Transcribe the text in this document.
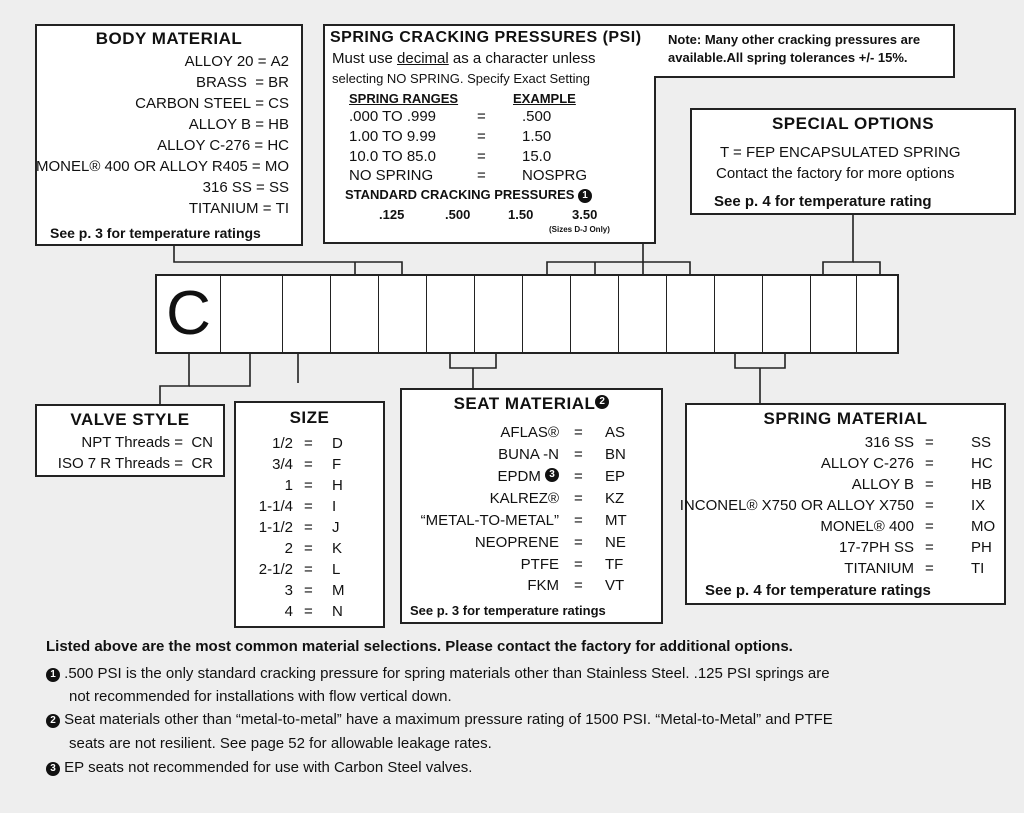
BODY MATERIAL
ALLOY 20 = A2
BRASS  = BR
CARBON STEEL = CS
ALLOY B = HB
ALLOY C-276 = HC
MONEL® 400 OR ALLOY R405 = MO
316 SS = SS
TITANIUM = TI
See p. 3 for temperature ratings
SPRING CRACKING PRESSURES (PSI)
Must use decimal as a character unless
selecting NO SPRING. Specify Exact Setting
SPRING RANGES	EXAMPLE
.000 TO .999	= .500
1.00 TO 9.99	= 1.50
10.0 TO 85.0	= 15.0
NO SPRING	= NOSPRG
STANDARD CRACKING PRESSURES 1
.125	.500	1.50	3.50
(Sizes D-J Only)
Note: Many other cracking pressures are
available.All spring tolerances +/- 15%.
SPECIAL OPTIONS
T = FEP ENCAPSULATED SPRING
Contact the factory for more options
See p. 4 for temperature rating
C
VALVE STYLE
NPT Threads =  CN
ISO 7 R Threads =  CR
SIZE
1/2 = D
3/4 = F
1 = H
1-1/4 = I
1-1/2 = J
2 = K
2-1/2 = L
3 = M
4 = N
SEAT MATERIAL 2
AFLAS® = AS
BUNA -N = BN
EPDM 3 = EP
KALREZ® = KZ
“METAL-TO-METAL” = MT
NEOPRENE = NE
PTFE = TF
FKM = VT
See p. 3 for temperature ratings
SPRING MATERIAL
316 SS = SS
ALLOY C-276 = HC
ALLOY B = HB
INCONEL® X750 OR ALLOY X750 = IX
MONEL® 400 = MO
17-7PH SS = PH
TITANIUM = TI
See p. 4 for temperature ratings
Listed above are the most common material selections. Please contact the factory for additional options.
1 .500 PSI is the only standard cracking pressure for spring materials other than Stainless Steel. .125 PSI springs are
not recommended for installations with flow vertical down.
2 Seat materials other than “metal-to-metal” have a maximum pressure rating of 1500 PSI. “Metal-to-Metal” and PTFE
seats are not resilient. See page 52 for allowable leakage rates.
3 EP seats not recommended for use with Carbon Steel valves.
